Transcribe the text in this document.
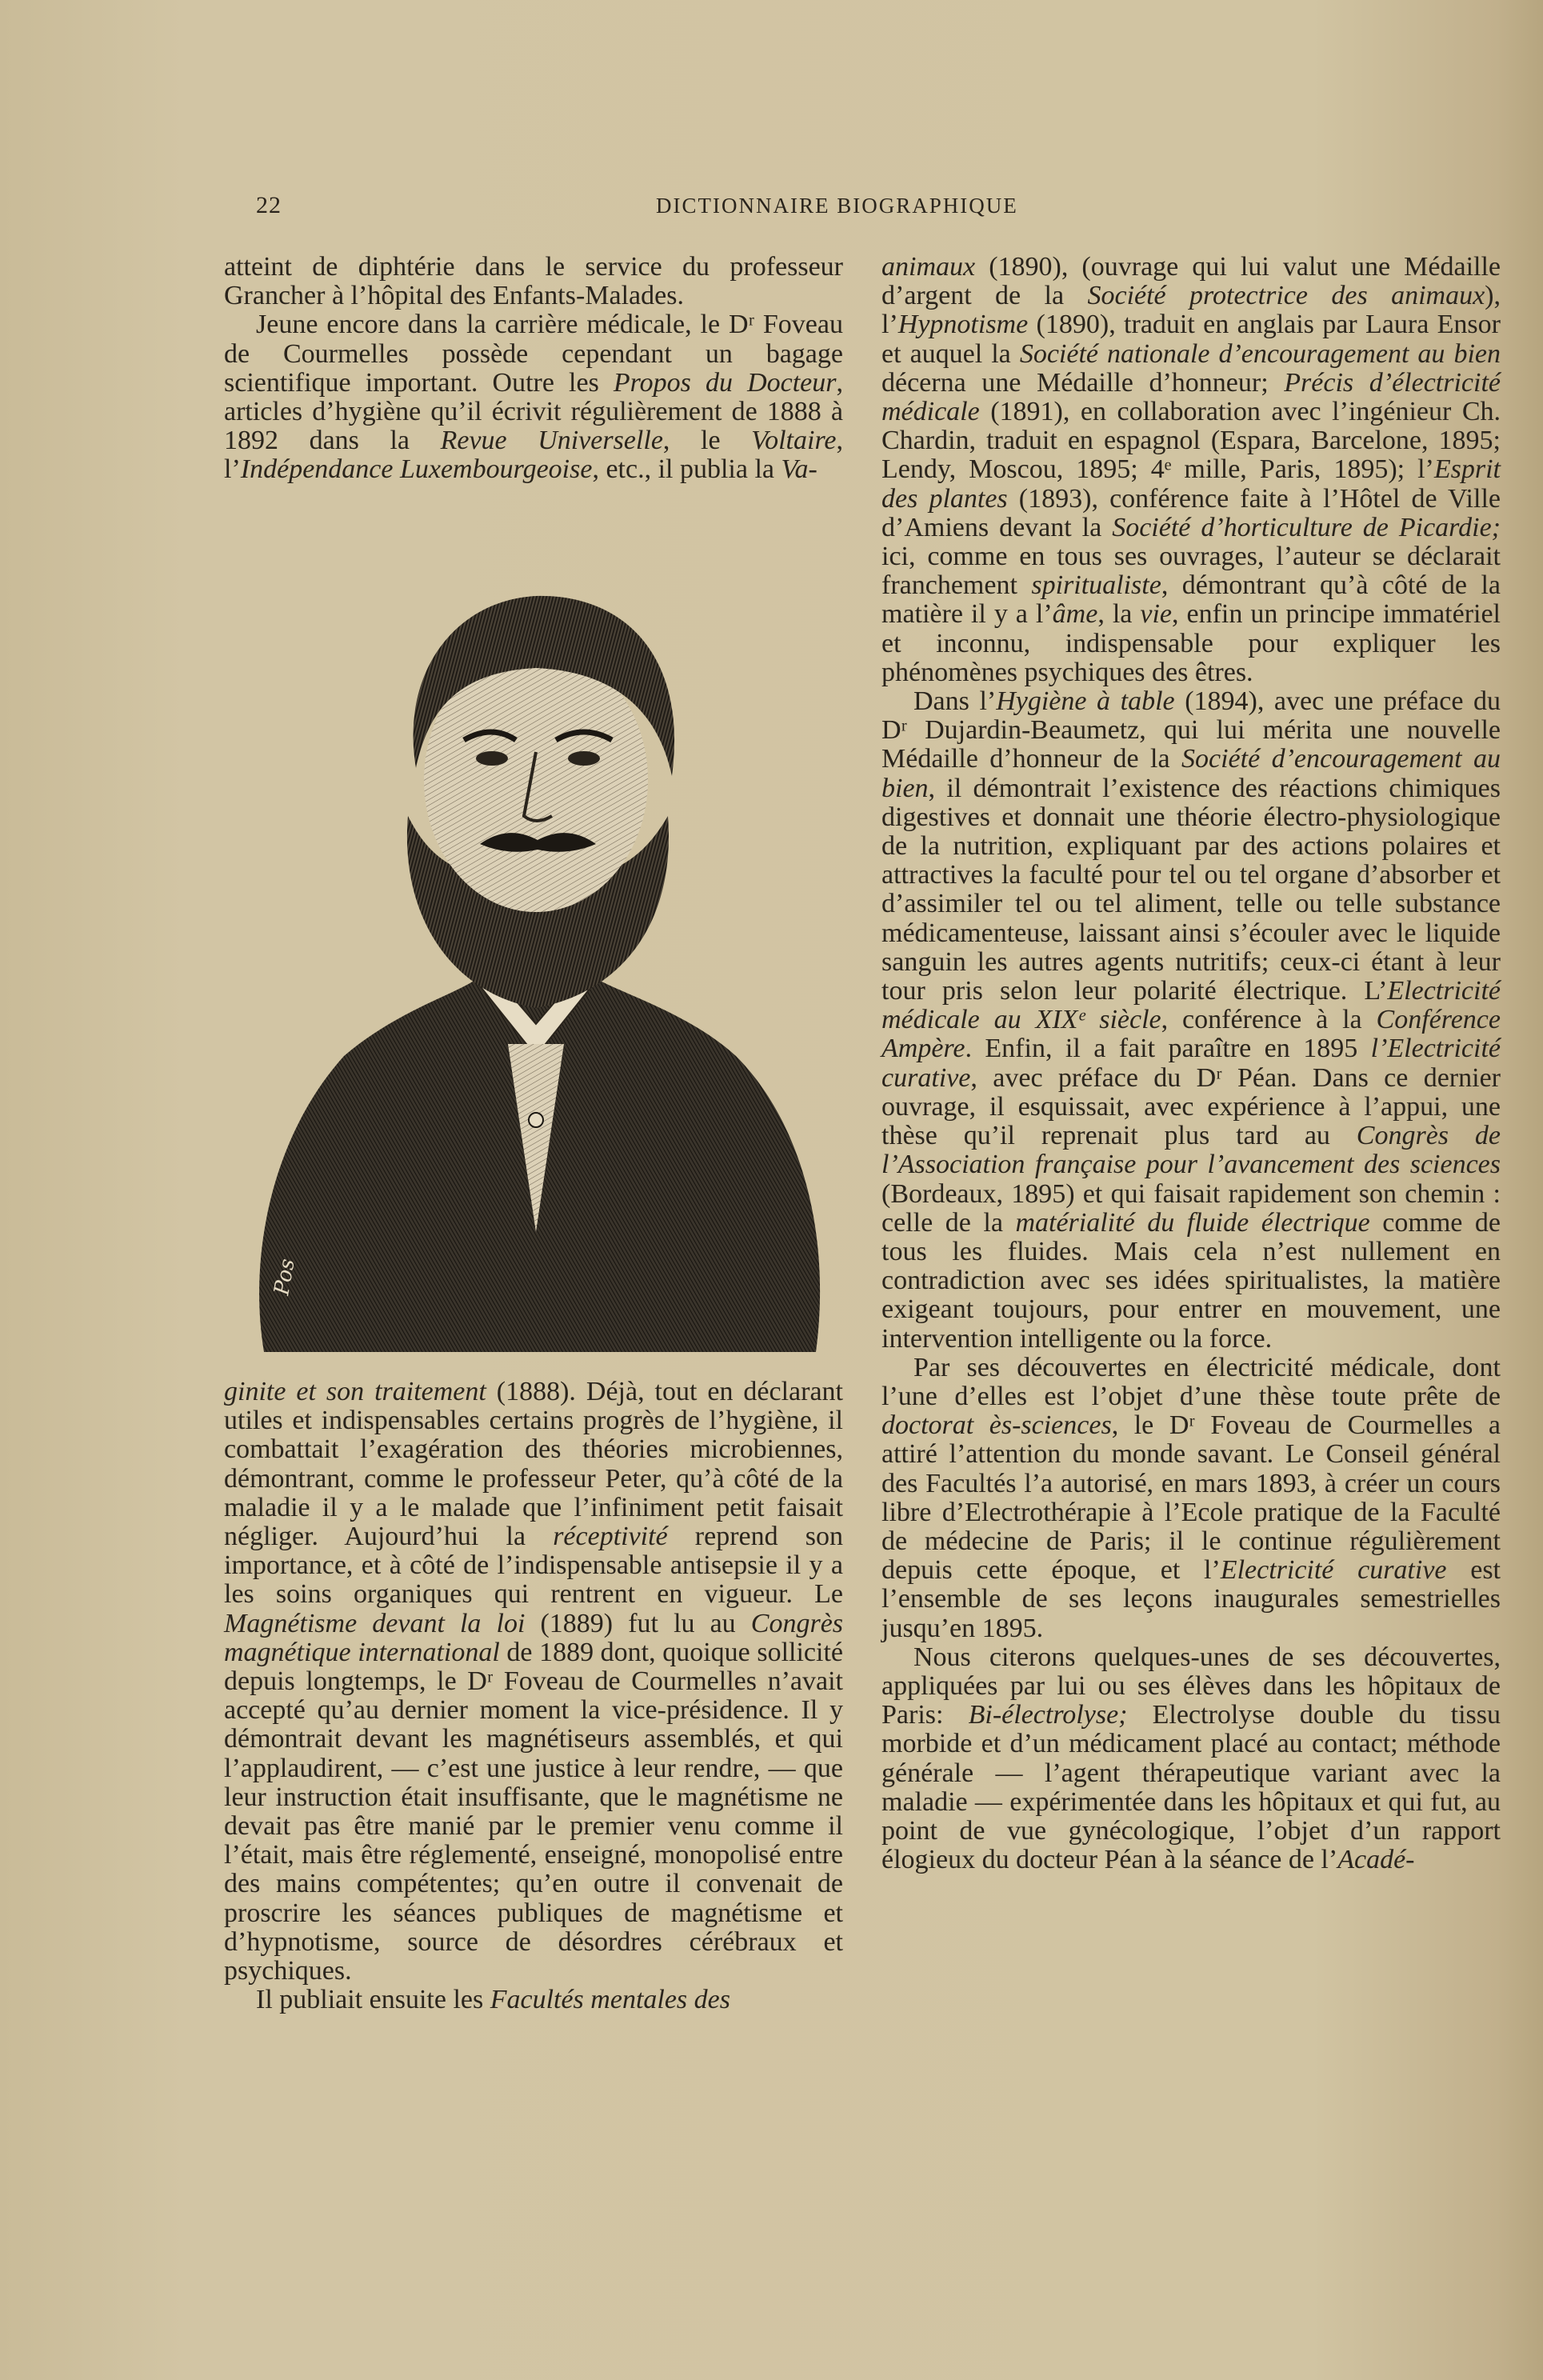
22	DICTIONNAIRE BIOGRAPHIQUE

atteint de diphtérie dans le service du professeur Grancher à l’hôpital des Enfants-Malades.

Jeune encore dans la carrière médicale, le Dʳ Foveau de Courmelles possède cependant un bagage scientifique important. Outre les Propos du Docteur, articles d’hygiène qu’il écrivit régulièrement de 1888 à 1892 dans la Revue Universelle, le Voltaire, l’Indépendance Luxembourgeoise, etc., il publia la Va-

Pos

ginite et son traitement (1888). Déjà, tout en déclarant utiles et indispensables certains progrès de l’hygiène, il combattait l’exagération des théories microbiennes, démontrant, comme le professeur Peter, qu’à côté de la maladie il y a le malade que l’infiniment petit faisait négliger. Aujourd’hui la réceptivité reprend son importance, et à côté de l’indispensable antisepsie il y a les soins organiques qui rentrent en vigueur. Le Magnétisme devant la loi (1889) fut lu au Congrès magnétique international de 1889 dont, quoique sollicité depuis longtemps, le Dʳ Foveau de Courmelles n’avait accepté qu’au dernier moment la vice-présidence. Il y démontrait devant les magnétiseurs assemblés, et qui l’applaudirent, — c’est une justice à leur rendre, — que leur instruction était insuffisante, que le magnétisme ne devait pas être manié par le premier venu comme il l’était, mais être réglementé, enseigné, monopolisé entre des mains compétentes; qu’en outre il convenait de proscrire les séances publiques de magnétisme et d’hypnotisme, source de désordres cérébraux et psychiques.

Il publiait ensuite les Facultés mentales des

animaux (1890), (ouvrage qui lui valut une Médaille d’argent de la Société protectrice des animaux), l’Hypnotisme (1890), traduit en anglais par Laura Ensor et auquel la Société nationale d’encouragement au bien décerna une Médaille d’honneur; Précis d’électricité médicale (1891), en collaboration avec l’ingénieur Ch. Chardin, traduit en espagnol (Espara, Barcelone, 1895; Lendy, Moscou, 1895; 4ᵉ mille, Paris, 1895); l’Esprit des plantes (1893), conférence faite à l’Hôtel de Ville d’Amiens devant la Société d’horticulture de Picardie; ici, comme en tous ses ouvrages, l’auteur se déclarait franchement spiritualiste, démontrant qu’à côté de la matière il y a l’âme, la vie, enfin un principe immatériel et inconnu, indispensable pour expliquer les phénomènes psychiques des êtres.

Dans l’Hygiène à table (1894), avec une préface du Dʳ Dujardin-Beaumetz, qui lui mérita une nouvelle Médaille d’honneur de la Société d’encouragement au bien, il démontrait l’existence des réactions chimiques digestives et donnait une théorie électro-physiologique de la nutrition, expliquant par des actions polaires et attractives la faculté pour tel ou tel organe d’absorber et d’assimiler tel ou tel aliment, telle ou telle substance médicamenteuse, laissant ainsi s’écouler avec le liquide sanguin les autres agents nutritifs; ceux-ci étant à leur tour pris selon leur polarité électrique. L’Electricité médicale au XIXᵉ siècle, conférence à la Conférence Ampère. Enfin, il a fait paraître en 1895 l’Electricité curative, avec préface du Dʳ Péan. Dans ce dernier ouvrage, il esquissait, avec expérience à l’appui, une thèse qu’il reprenait plus tard au Congrès de l’Association française pour l’avancement des sciences (Bordeaux, 1895) et qui faisait rapidement son chemin : celle de la matérialité du fluide électrique comme de tous les fluides. Mais cela n’est nullement en contradiction avec ses idées spiritualistes, la matière exigeant toujours, pour entrer en mouvement, une intervention intelligente ou la force.

Par ses découvertes en électricité médicale, dont l’une d’elles est l’objet d’une thèse toute prête de doctorat ès-sciences, le Dʳ Foveau de Courmelles a attiré l’attention du monde savant. Le Conseil général des Facultés l’a autorisé, en mars 1893, à créer un cours libre d’Electrothérapie à l’Ecole pratique de la Faculté de médecine de Paris; il le continue régulièrement depuis cette époque, et l’Electricité curative est l’ensemble de ses leçons inaugurales semestrielles jusqu’en 1895.

Nous citerons quelques-unes de ses découvertes, appliquées par lui ou ses élèves dans les hôpitaux de Paris: Bi-électrolyse; Electrolyse double du tissu morbide et d’un médicament placé au contact; méthode générale — l’agent thérapeutique variant avec la maladie — expérimentée dans les hôpitaux et qui fut, au point de vue gynécologique, l’objet d’un rapport élogieux du docteur Péan à la séance de l’Acadé-
